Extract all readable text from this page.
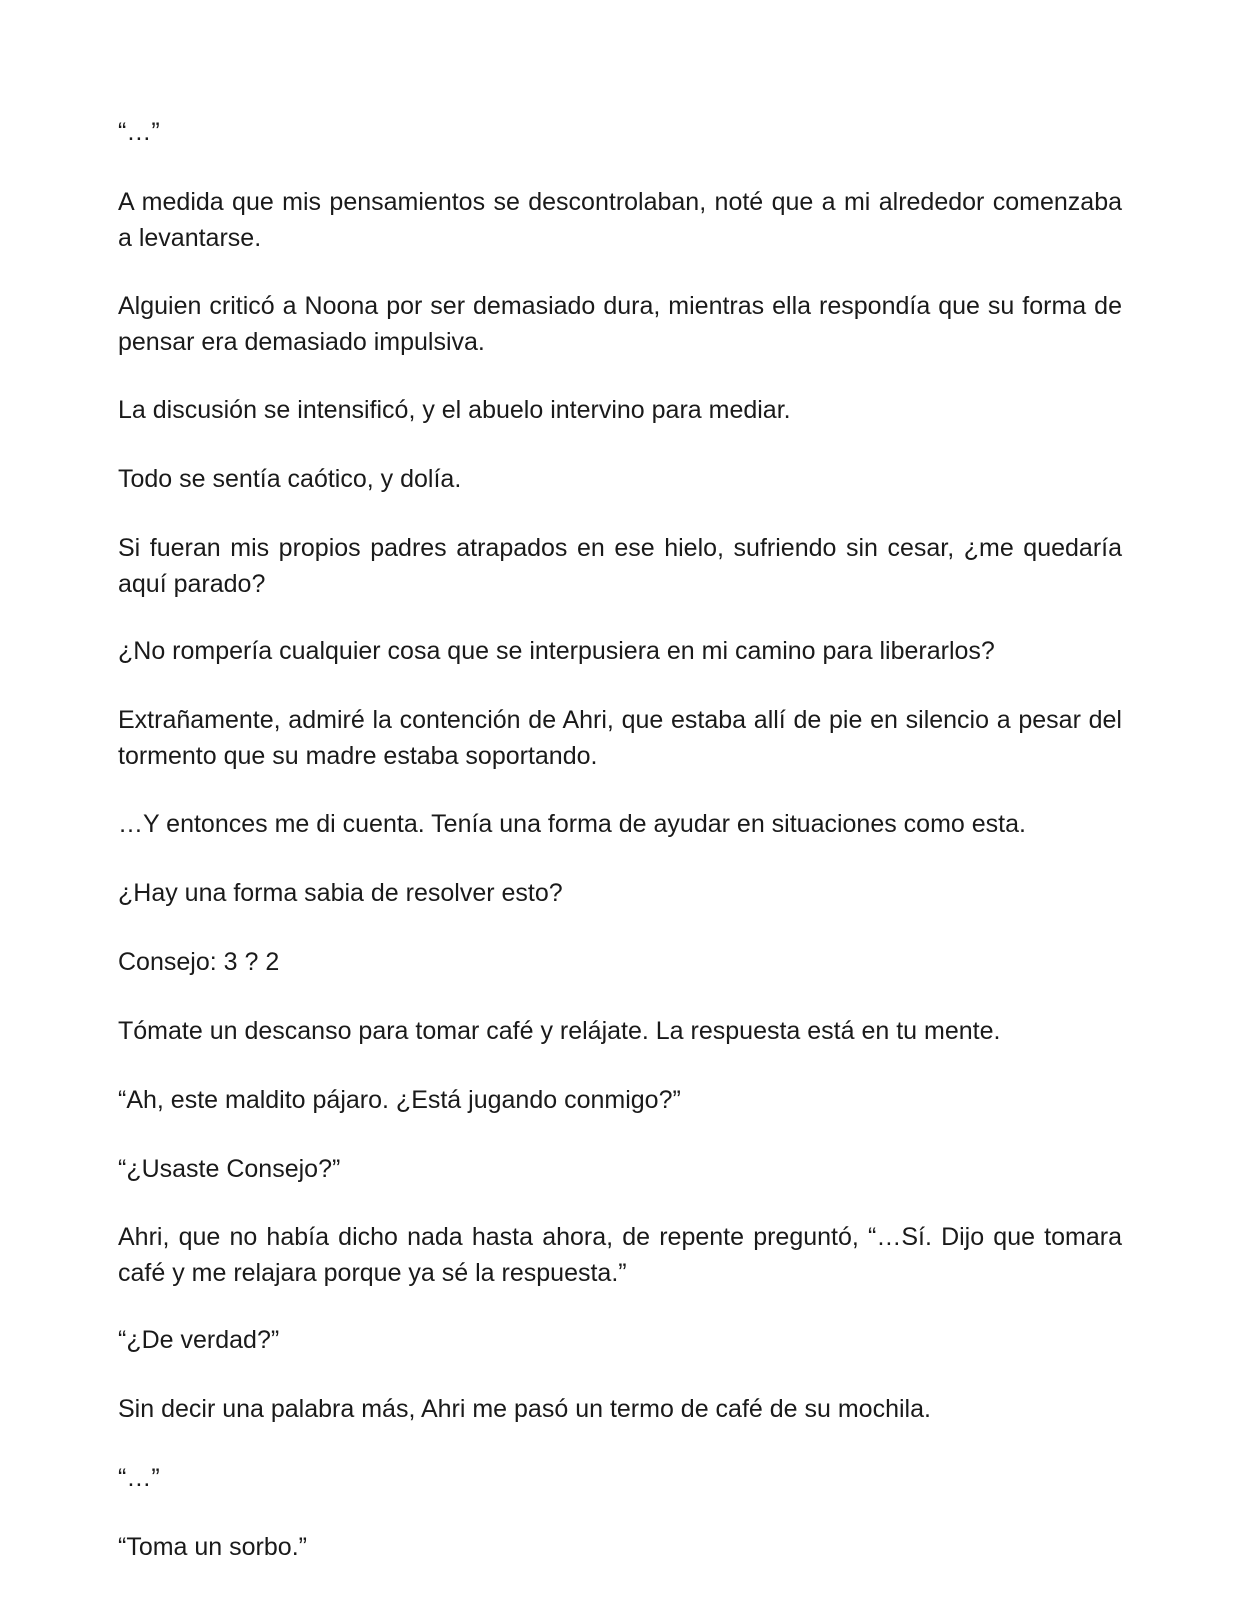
“…”

A medida que mis pensamientos se descontrolaban, noté que a mi alrededor comenzaba a levantarse.

Alguien criticó a Noona por ser demasiado dura, mientras ella respondía que su forma de pensar era demasiado impulsiva.

La discusión se intensificó, y el abuelo intervino para mediar.

Todo se sentía caótico, y dolía.

Si fueran mis propios padres atrapados en ese hielo, sufriendo sin cesar, ¿me quedaría aquí parado?

¿No rompería cualquier cosa que se interpusiera en mi camino para liberarlos?

Extrañamente, admiré la contención de Ahri, que estaba allí de pie en silencio a pesar del tormento que su madre estaba soportando.

…Y entonces me di cuenta. Tenía una forma de ayudar en situaciones como esta.

¿Hay una forma sabia de resolver esto?

Consejo: 3 ? 2

Tómate un descanso para tomar café y relájate. La respuesta está en tu mente.

“Ah, este maldito pájaro. ¿Está jugando conmigo?”

“¿Usaste Consejo?”

Ahri, que no había dicho nada hasta ahora, de repente preguntó, “…Sí. Dijo que tomara café y me relajara porque ya sé la respuesta.”

“¿De verdad?”

Sin decir una palabra más, Ahri me pasó un termo de café de su mochila.

“…”

“Toma un sorbo.”
